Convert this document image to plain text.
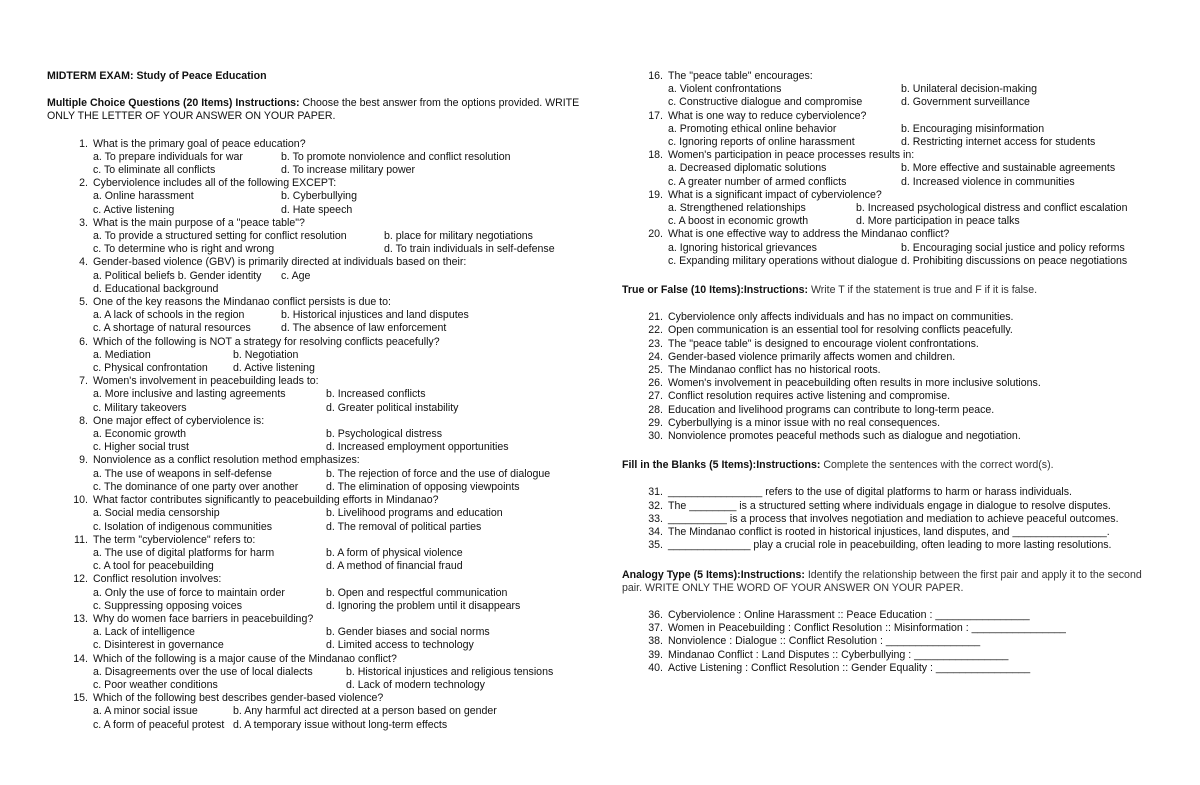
MIDTERM EXAM: Study of Peace Education
Multiple Choice Questions (20 Items) Instructions: Choose the best answer from the options provided. WRITE ONLY THE LETTER OF YOUR ANSWER ON YOUR PAPER.
1. What is the primary goal of peace education?
a. To prepare individuals for war	b. To promote nonviolence and conflict resolution
c. To eliminate all conflicts	d. To increase military power
2. Cyberviolence includes all of the following EXCEPT:
a. Online harassment	b. Cyberbullying
c. Active listening	d. Hate speech
3. What is the main purpose of a "peace table"?
a. To provide a structured setting for conflict resolution	b. place for military negotiations
c. To determine who is right and wrong	d. To train individuals in self-defense
4. Gender-based violence (GBV) is primarily directed at individuals based on their:
a. Political beliefs b. Gender identity	c. Age
d. Educational background
5. One of the key reasons the Mindanao conflict persists is due to:
a. A lack of schools in the region	b. Historical injustices and land disputes
c. A shortage of natural resources	d. The absence of law enforcement
6. Which of the following is NOT a strategy for resolving conflicts peacefully?
a. Mediation	b. Negotiation
c. Physical confrontation	d. Active listening
7. Women's involvement in peacebuilding leads to:
a. More inclusive and lasting agreements	b. Increased conflicts
c. Military takeovers	d. Greater political instability
8. One major effect of cyberviolence is:
a. Economic growth	b. Psychological distress
c. Higher social trust	d. Increased employment opportunities
9. Nonviolence as a conflict resolution method emphasizes:
a. The use of weapons in self-defense	b. The rejection of force and the use of dialogue
c. The dominance of one party over another	d. The elimination of opposing viewpoints
10. What factor contributes significantly to peacebuilding efforts in Mindanao?
a. Social media censorship	b. Livelihood programs and education
c. Isolation of indigenous communities	d. The removal of political parties
11. The term "cyberviolence" refers to:
a. The use of digital platforms for harm	b. A form of physical violence
c. A tool for peacebuilding	d. A method of financial fraud
12. Conflict resolution involves:
a. Only the use of force to maintain order	b. Open and respectful communication
c. Suppressing opposing voices	d. Ignoring the problem until it disappears
13. Why do women face barriers in peacebuilding?
a. Lack of intelligence	b. Gender biases and social norms
c. Disinterest in governance	d. Limited access to technology
14. Which of the following is a major cause of the Mindanao conflict?
a. Disagreements over the use of local dialects	b. Historical injustices and religious tensions
c. Poor weather conditions	d. Lack of modern technology
15. Which of the following best describes gender-based violence?
a. A minor social issue	b. Any harmful act directed at a person based on gender
c. A form of peaceful protest d. A temporary issue without long-term effects
16. The "peace table" encourages:
a. Violent confrontations	b. Unilateral decision-making
c. Constructive dialogue and compromise	d. Government surveillance
17. What is one way to reduce cyberviolence?
a. Promoting ethical online behavior	b. Encouraging misinformation
c. Ignoring reports of online harassment	d. Restricting internet access for students
18. Women's participation in peace processes results in:
a. Decreased diplomatic solutions	b. More effective and sustainable agreements
c. A greater number of armed conflicts	d. Increased violence in communities
19. What is a significant impact of cyberviolence?
a. Strengthened relationships	b. Increased psychological distress and conflict escalation
c. A boost in economic growth	d. More participation in peace talks
20. What is one effective way to address the Mindanao conflict?
a. Ignoring historical grievances	b. Encouraging social justice and policy reforms
c. Expanding military operations without dialogue d. Prohibiting discussions on peace negotiations
True or False (10 Items):Instructions: Write T if the statement is true and F if it is false.
21. Cyberviolence only affects individuals and has no impact on communities.
22. Open communication is an essential tool for resolving conflicts peacefully.
23. The "peace table" is designed to encourage violent confrontations.
24. Gender-based violence primarily affects women and children.
25. The Mindanao conflict has no historical roots.
26. Women's involvement in peacebuilding often results in more inclusive solutions.
27. Conflict resolution requires active listening and compromise.
28. Education and livelihood programs can contribute to long-term peace.
29. Cyberbullying is a minor issue with no real consequences.
30. Nonviolence promotes peaceful methods such as dialogue and negotiation.
Fill in the Blanks (5 Items):Instructions: Complete the sentences with the correct word(s).
31. ________________ refers to the use of digital platforms to harm or harass individuals.
32. The ________ is a structured setting where individuals engage in dialogue to resolve disputes.
33. __________ is a process that involves negotiation and mediation to achieve peaceful outcomes.
34. The Mindanao conflict is rooted in historical injustices, land disputes, and ________________.
35. ______________ play a crucial role in peacebuilding, often leading to more lasting resolutions.
Analogy Type (5 Items):Instructions: Identify the relationship between the first pair and apply it to the second pair. WRITE ONLY THE WORD OF YOUR ANSWER ON YOUR PAPER.
36. Cyberviolence : Online Harassment :: Peace Education : ________________
37. Women in Peacebuilding : Conflict Resolution :: Misinformation : ________________
38. Nonviolence : Dialogue :: Conflict Resolution : ________________
39. Mindanao Conflict : Land Disputes :: Cyberbullying : ________________
40. Active Listening : Conflict Resolution :: Gender Equality : ________________
